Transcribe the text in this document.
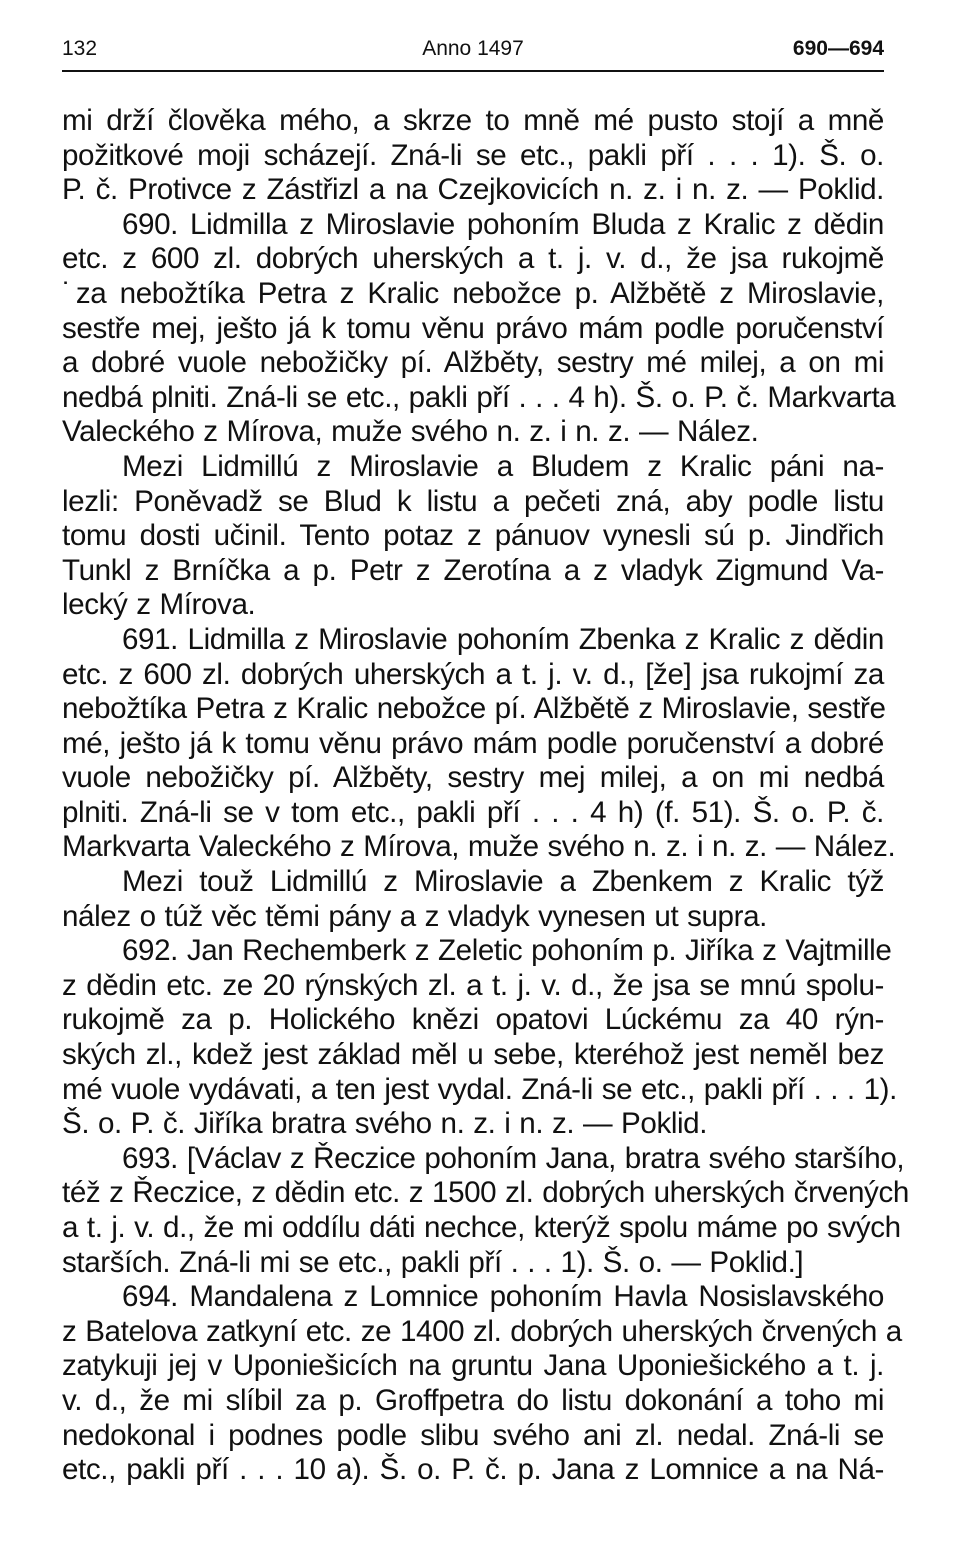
132	Anno 1497	690—694
mi drží člověka mého, a skrze to mně mé pusto stojí a mně
požitkové moji scházejí. Zná-li se etc., pakli pří . . . 1). Š. o.
P. č. Protivce z Zástřizl a na Czejkovicích n. z. i n. z. — Poklid.
690. Lidmilla z Miroslavie pohoním Bluda z Kralic z dědin
etc. z 600 zl. dobrých uherských a t. j. v. d., že jsa rukojmě
˙za nebožtíka Petra z Kralic nebožce p. Alžbětě z Miroslavie,
sestře mej, ješto já k tomu věnu právo mám podle poručenství
a dobré vuole nebožičky pí. Alžběty, sestry mé milej, a on mi
nedbá plniti. Zná-li se etc., pakli pří . . . 4 h). Š. o. P. č. Markvarta
Valeckého z Mírova, muže svého n. z. i n. z. — Nález.
Mezi Lidmillú z Miroslavie a Bludem z Kralic páni na-
lezli: Poněvadž se Blud k listu a pečeti zná, aby podle listu
tomu dosti učinil. Tento potaz z pánuov vynesli sú p. Jindřich
Tunkl z Brníčka a p. Petr z Zerotína a z vladyk Zigmund Va-
lecký z Mírova.
691. Lidmilla z Miroslavie pohoním Zbenka z Kralic z dědin
etc. z 600 zl. dobrých uherských a t. j. v. d., [že] jsa rukojmí za
nebožtíka Petra z Kralic nebožce pí. Alžbětě z Miroslavie, sestře
mé, ješto já k tomu věnu právo mám podle poručenství a dobré
vuole nebožičky pí. Alžběty, sestry mej milej, a on mi nedbá
plniti. Zná-li se v tom etc., pakli pří . . . 4 h) (f. 51). Š. o. P. č.
Markvarta Valeckého z Mírova, muže svého n. z. i n. z. — Nález.
Mezi touž Lidmillú z Miroslavie a Zbenkem z Kralic týž
nález o túž věc těmi pány a z vladyk vynesen ut supra.
692. Jan Rechemberk z Zeletic pohoním p. Jiříka z Vajtmille
z dědin etc. ze 20 rýnských zl. a t. j. v. d., že jsa se mnú spolu-
rukojmě za p. Holického knězi opatovi Lúckému za 40 rýn-
ských zl., kdež jest základ měl u sebe, kteréhož jest neměl bez
mé vuole vydávati, a ten jest vydal. Zná-li se etc., pakli pří . . . 1).
Š. o. P. č. Jiříka bratra svého n. z. i n. z. — Poklid.
693. [Václav z Řeczice pohoním Jana, bratra svého staršího,
též z Řeczice, z dědin etc. z 1500 zl. dobrých uherských črvených
a t. j. v. d., že mi oddílu dáti nechce, kterýž spolu máme po svých
starších. Zná-li mi se etc., pakli pří . . . 1). Š. o. — Poklid.]
694. Mandalena z Lomnice pohoním Havla Nosislavského
z Batelova zatkyní etc. ze 1400 zl. dobrých uherských črvených a
zatykuji jej v Uponiešicích na gruntu Jana Uponiešického a t. j.
v. d., že mi slíbil za p. Groffpetra do listu dokonání a toho mi
nedokonal i podnes podle slibu svého ani zl. nedal. Zná-li se
etc., pakli pří . . . 10 a). Š. o. P. č. p. Jana z Lomnice a na Ná-
